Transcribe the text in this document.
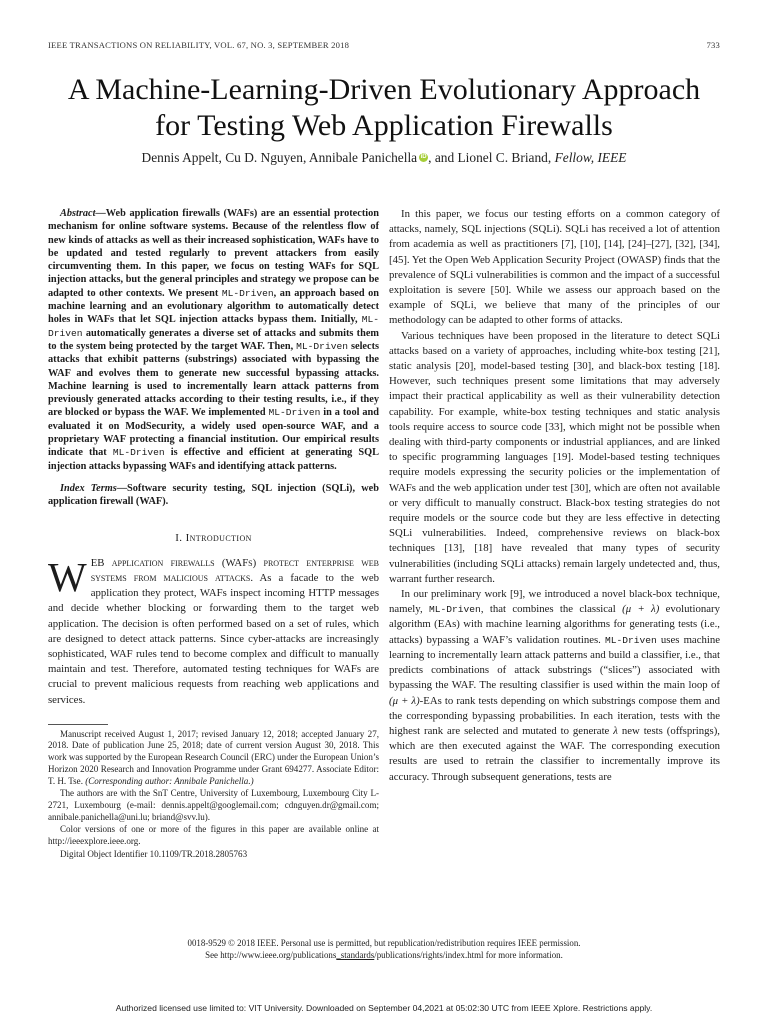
IEEE TRANSACTIONS ON RELIABILITY, VOL. 67, NO. 3, SEPTEMBER 2018	733
A Machine-Learning-Driven Evolutionary Approach
for Testing Web Application Firewalls
Dennis Appelt, Cu D. Nguyen, Annibale Panichella iD , and Lionel C. Briand, Fellow, IEEE

Abstract—Web application firewalls (WAFs) are an essential protection mechanism for online software systems. Because of the relentless flow of new kinds of attacks as well as their increased sophistication, WAFs have to be updated and tested regularly to prevent attackers from easily circumventing them. In this paper, we focus on testing WAFs for SQL injection attacks, but the general principles and strategy we propose can be adapted to other contexts. We present ML-Driven, an approach based on machine learning and an evolutionary algorithm to automatically detect holes in WAFs that let SQL injection attacks bypass them. Initially, ML-Driven automatically generates a diverse set of attacks and submits them to the system being protected by the target WAF. Then, ML-Driven selects attacks that exhibit patterns (substrings) associated with bypassing the WAF and evolves them to generate new successful bypassing attacks. Machine learning is used to incrementally learn attack patterns from previously generated attacks according to their testing results, i.e., if they are blocked or bypass the WAF. We implemented ML-Driven in a tool and evaluated it on ModSecurity, a widely used open-source WAF, and a proprietary WAF protecting a financial institution. Our empirical results indicate that ML-Driven is effective and efficient at generating SQL injection attacks bypassing WAFs and identifying attack patterns.

Index Terms—Software security testing, SQL injection (SQLi), web application firewall (WAF).

I. Introduction

WEB application firewalls (WAFs) protect enterprise web systems from malicious attacks. As a facade to the web application they protect, WAFs inspect incoming HTTP messages and decide whether blocking or forwarding them to the target web application. The decision is often performed based on a set of rules, which are designed to detect attack patterns. Since cyber-attacks are increasingly sophisticated, WAF rules tend to become complex and difficult to manually maintain and test. Therefore, automated testing techniques for WAFs are crucial to prevent malicious requests from reaching web applications and services.

Manuscript received August 1, 2017; revised January 12, 2018; accepted January 27, 2018. Date of publication June 25, 2018; date of current version August 30, 2018. This work was supported by the European Research Council (ERC) under the European Union’s Horizon 2020 Research and Innovation Programme under Grant 694277. Associate Editor: T. H. Tse. (Corresponding author: Annibale Panichella.)

The authors are with the SnT Centre, University of Luxembourg, Luxembourg City L-2721, Luxembourg (e-mail: dennis.appelt@googlemail.com; cdnguyen.dr@gmail.com; annibale.panichella@uni.lu; briand@svv.lu).

Color versions of one or more of the figures in this paper are available online at http://ieeexplore.ieee.org.

Digital Object Identifier 10.1109/TR.2018.2805763

In this paper, we focus our testing efforts on a common category of attacks, namely, SQL injections (SQLi). SQLi has received a lot of attention from academia as well as practitioners [7], [10], [14], [24]–[27], [32], [34], [45]. Yet the Open Web Application Security Project (OWASP) finds that the prevalence of SQLi vulnerabilities is common and the impact of a successful exploitation is severe [50]. While we assess our approach based on the example of SQLi, we believe that many of the principles of our methodology can be adapted to other forms of attacks.

Various techniques have been proposed in the literature to detect SQLi attacks based on a variety of approaches, including white-box testing [21], static analysis [20], model-based testing [30], and black-box testing [18]. However, such techniques present some limitations that may adversely impact their practical applicability as well as their vulnerability detection capability. For example, white-box testing techniques and static analysis tools require access to source code [33], which might not be possible when dealing with third-party components or industrial appliances, and are linked to specific programming languages [19]. Model-based testing techniques require models expressing the security policies or the implementation of WAFs and the web application under test [30], which are often not available or very difficult to manually construct. Black-box testing strategies do not require models or the source code but they are less effective in detecting SQLi vulnerabilities. Indeed, comprehensive reviews on black-box techniques [13], [18] have revealed that many types of security vulnerabilities (including SQLi attacks) remain largely undetected and, thus, warrant further research.

In our preliminary work [9], we introduced a novel black-box technique, namely, ML-Driven, that combines the classical (μ + λ) evolutionary algorithm (EAs) with machine learning algorithms for generating tests (i.e., attacks) bypassing a WAF’s validation routines. ML-Driven uses machine learning to incrementally learn attack patterns and build a classifier, i.e., that predicts combinations of attack substrings (“slices”) associated with bypassing the WAF. The resulting classifier is used within the main loop of (μ + λ)-EAs to rank tests depending on which substrings compose them and the corresponding bypassing probabilities. In each iteration, tests with the highest rank are selected and mutated to generate λ new tests (offsprings), which are then executed against the WAF. The corresponding execution results are used to retrain the classifier to incrementally improve its accuracy. Through subsequent generations, tests are

0018-9529 © 2018 IEEE. Personal use is permitted, but republication/redistribution requires IEEE permission.
See http://www.ieee.org/publications_standards/publications/rights/index.html for more information.
Authorized licensed use limited to: VIT University. Downloaded on September 04,2021 at 05:02:30 UTC from IEEE Xplore. Restrictions apply.
